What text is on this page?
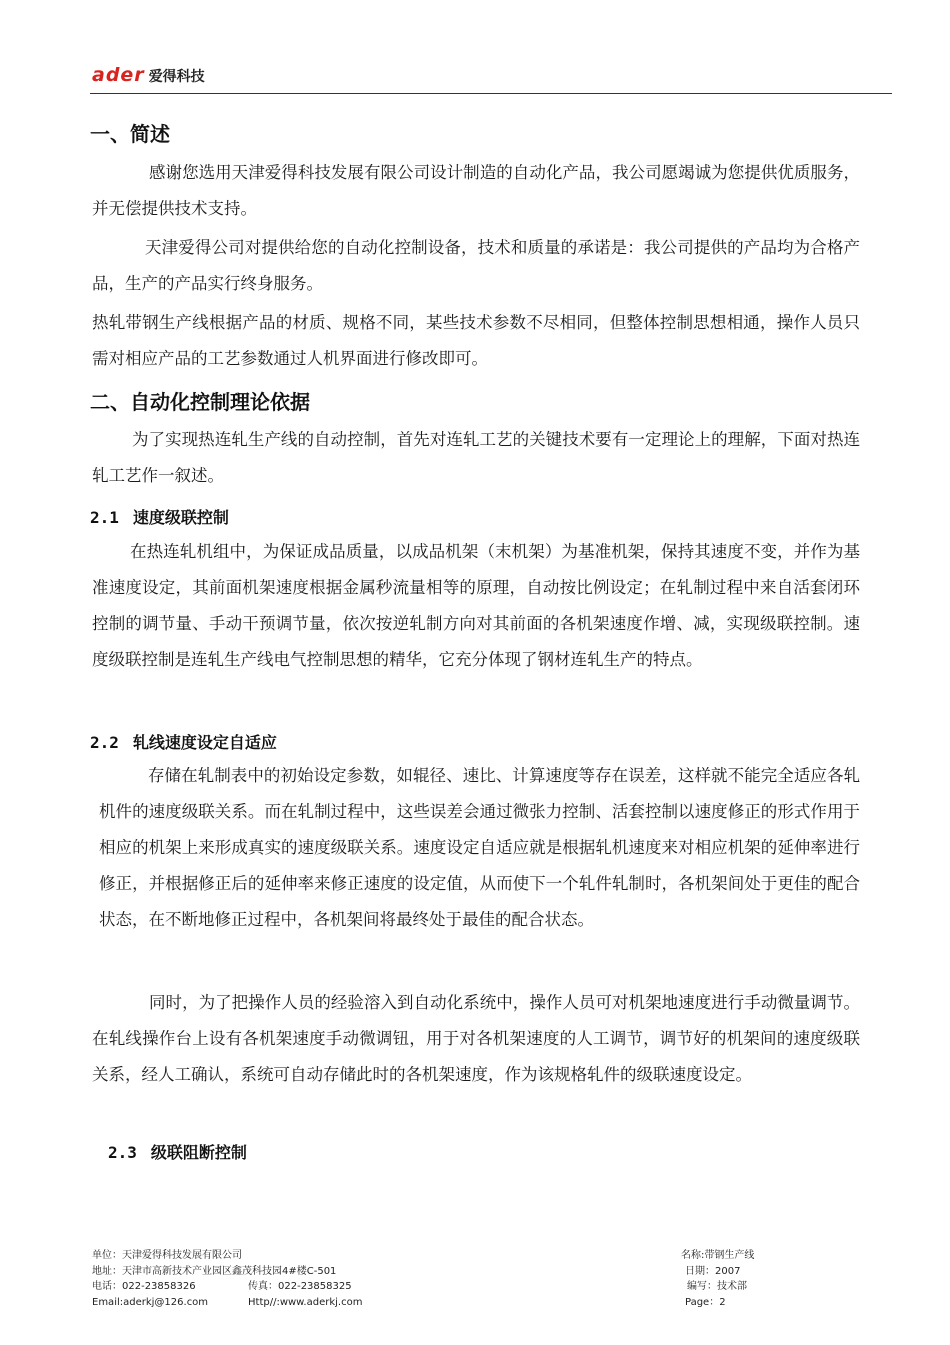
ader 爱得科技
一、简述

感谢您选用天津爱得科技发展有限公司设计制造的自动化产品，我公司愿竭诚为您提供优质服务，并无偿提供技术支持。

天津爱得公司对提供给您的自动化控制设备，技术和质量的承诺是：我公司提供的产品均为合格产品，生产的产品实行终身服务。

热轧带钢生产线根据产品的材质、规格不同，某些技术参数不尽相同，但整体控制思想相通，操作人员只需对相应产品的工艺参数通过人机界面进行修改即可。

二、自动化控制理论依据

为了实现热连轧生产线的自动控制，首先对连轧工艺的关键技术要有一定理论上的理解，下面对热连轧工艺作一叙述。

2.1 速度级联控制

在热连轧机组中，为保证成品质量，以成品机架（末机架）为基准机架，保持其速度不变，并作为基准速度设定，其前面机架速度根据金属秒流量相等的原理，自动按比例设定；在轧制过程中来自活套闭环控制的调节量、手动干预调节量，依次按逆轧制方向对其前面的各机架速度作增、减，实现级联控制。速度级联控制是连轧生产线电气控制思想的精华，它充分体现了钢材连轧生产的特点。

2.2 轧线速度设定自适应

存储在轧制表中的初始设定参数，如辊径、速比、计算速度等存在误差，这样就不能完全适应各轧机件的速度级联关系。而在轧制过程中，这些误差会通过微张力控制、活套控制以速度修正的形式作用于相应的机架上来形成真实的速度级联关系。速度设定自适应就是根据轧机速度来对相应机架的延伸率进行修正，并根据修正后的延伸率来修正速度的设定值，从而使下一个轧件轧制时，各机架间处于更佳的配合状态，在不断地修正过程中，各机架间将最终处于最佳的配合状态。

同时，为了把操作人员的经验溶入到自动化系统中，操作人员可对机架地速度进行手动微量调节。在轧线操作台上设有各机架速度手动微调钮，用于对各机架速度的人工调节，调节好的机架间的速度级联关系，经人工确认，系统可自动存储此时的各机架速度，作为该规格轧件的级联速度设定。

2.3 级联阻断控制
单位：天津爱得科技发展有限公司
地址：天津市高新技术产业园区鑫茂科技园4#楼C-501
电话：022-23858326	传真：022-23858325
Email:aderkj@126.com	Http//:www.aderkj.com
名称:带钢生产线
日期：2007
编写：技术部
Page：2
